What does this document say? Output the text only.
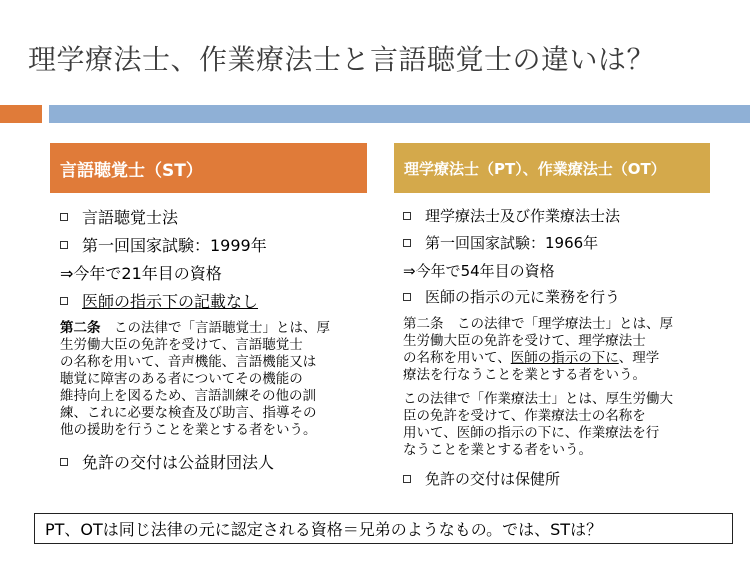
理学療法士、作業療法士と言語聴覚士の違いは？
言語聴覚士（ST）
言語聴覚士法
第一回国家試験：1999年
⇒今年で21年目の資格
医師の指示下の記載なし
第二条　この法律で「言語聴覚士」とは、厚
生労働大臣の免許を受けて、言語聴覚士
の名称を用いて、音声機能、言語機能又は
聴覚に障害のある者についてその機能の
維持向上を図るため、言語訓練その他の訓
練、これに必要な検査及び助言、指導その
他の援助を行うことを業とする者をいう。
免許の交付は公益財団法人
理学療法士（PT）、作業療法士（OT）
理学療法士及び作業療法士法
第一回国家試験：1966年
⇒今年で54年目の資格
医師の指示の元に業務を行う
第二条　この法律で「理学療法士」とは、厚
生労働大臣の免許を受けて、理学療法士
の名称を用いて、医師の指示の下に、理学
療法を行なうことを業とする者をいう。
この法律で「作業療法士」とは、厚生労働大
臣の免許を受けて、作業療法士の名称を
用いて、医師の指示の下に、作業療法を行
なうことを業とする者をいう。
免許の交付は保健所
PT、OTは同じ法律の元に認定される資格＝兄弟のようなもの。では、STは？
